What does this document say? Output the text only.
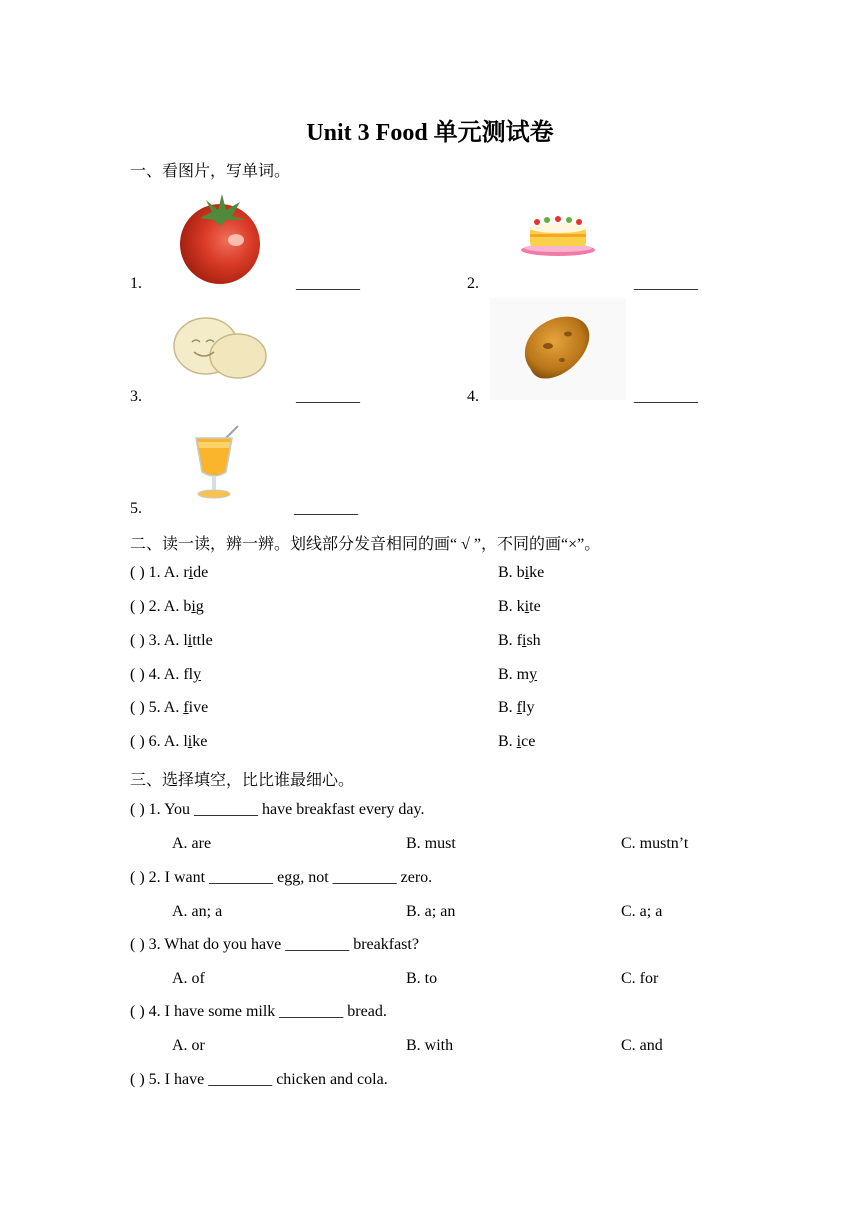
Unit 3 Food 单元测试卷
一、看图片，写单词。
1.	________	2.	________
3.	________	4.	________
5.	________
二、读一读，辨一辨。划线部分发音相同的画“ √ ”，不同的画“×”。
( ) 1. A. ride	B. bike
( ) 2. A. big	B. kite
( ) 3. A. little	B. fish
( ) 4. A. fly	B. my
( ) 5. A. five	B. fly
( ) 6. A. like	B. ice
三、选择填空，比比谁最细心。
( ) 1. You ________ have breakfast every day.
A. are	B. must	C. mustn’t
( ) 2. I want ________ egg, not ________ zero.
A. an; a	B. a; an	C. a; a
( ) 3. What do you have ________ breakfast?
A. of	B. to	C. for
( ) 4. I have some milk ________ bread.
A. or	B. with	C. and
( ) 5. I have ________ chicken and cola.
